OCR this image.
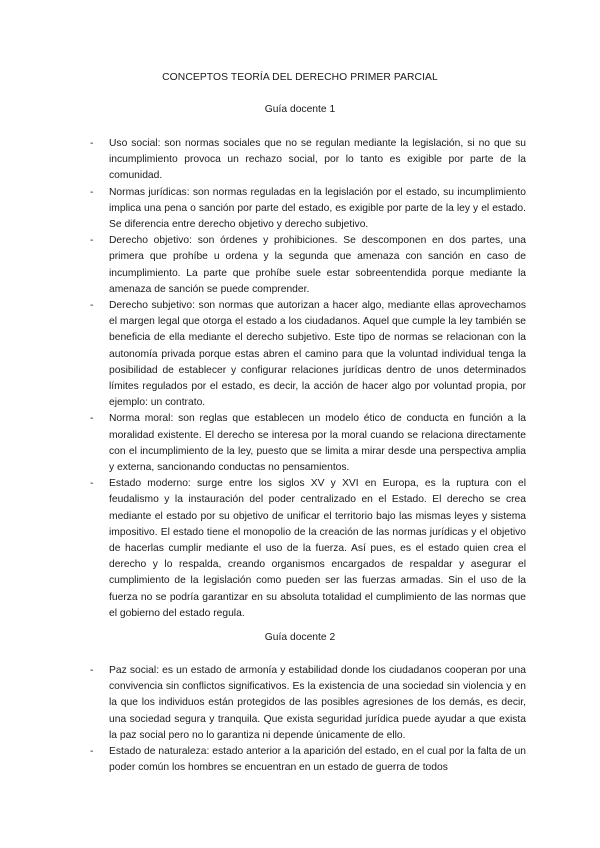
CONCEPTOS TEORÍA DEL DERECHO PRIMER PARCIAL
Guía docente 1
- Uso social: son normas sociales que no se regulan mediante la legislación, si no que su incumplimiento provoca un rechazo social, por lo tanto es exigible por parte de la comunidad.
- Normas jurídicas: son normas reguladas en la legislación por el estado, su incumplimiento implica una pena o sanción por parte del estado, es exigible por parte de la ley y el estado. Se diferencia entre derecho objetivo y derecho subjetivo.
- Derecho objetivo: son órdenes y prohibiciones. Se descomponen en dos partes, una primera que prohíbe u ordena y la segunda que amenaza con sanción en caso de incumplimiento. La parte que prohíbe suele estar sobreentendida porque mediante la amenaza de sanción se puede comprender.
- Derecho subjetivo: son normas que autorizan a hacer algo, mediante ellas aprovechamos el margen legal que otorga el estado a los ciudadanos. Aquel que cumple la ley también se beneficia de ella mediante el derecho subjetivo. Este tipo de normas se relacionan con la autonomía privada porque estas abren el camino para que la voluntad individual tenga la posibilidad de establecer y configurar relaciones jurídicas dentro de unos determinados límites regulados por el estado, es decir, la acción de hacer algo por voluntad propia, por ejemplo: un contrato.
- Norma moral: son reglas que establecen un modelo ético de conducta en función a la moralidad existente. El derecho se interesa por la moral cuando se relaciona directamente con el incumplimiento de la ley, puesto que se limita a mirar desde una perspectiva amplia y externa, sancionando conductas no pensamientos.
- Estado moderno: surge entre los siglos XV y XVI en Europa, es la ruptura con el feudalismo y la instauración del poder centralizado en el Estado. El derecho se crea mediante el estado por su objetivo de unificar el territorio bajo las mismas leyes y sistema impositivo. El estado tiene el monopolio de la creación de las normas jurídicas y el objetivo de hacerlas cumplir mediante el uso de la fuerza. Así pues, es el estado quien crea el derecho y lo respalda, creando organismos encargados de respaldar y asegurar el cumplimiento de la legislación como pueden ser las fuerzas armadas. Sin el uso de la fuerza no se podría garantizar en su absoluta totalidad el cumplimiento de las normas que el gobierno del estado regula.
Guía docente 2
- Paz social: es un estado de armonía y estabilidad donde los ciudadanos cooperan por una convivencia sin conflictos significativos. Es la existencia de una sociedad sin violencia y en la que los individuos están protegidos de las posibles agresiones de los demás, es decir, una sociedad segura y tranquila. Que exista seguridad jurídica puede ayudar a que exista la paz social pero no lo garantiza ni depende únicamente de ello.
- Estado de naturaleza: estado anterior a la aparición del estado, en el cual por la falta de un poder común los hombres se encuentran en un estado de guerra de todos
